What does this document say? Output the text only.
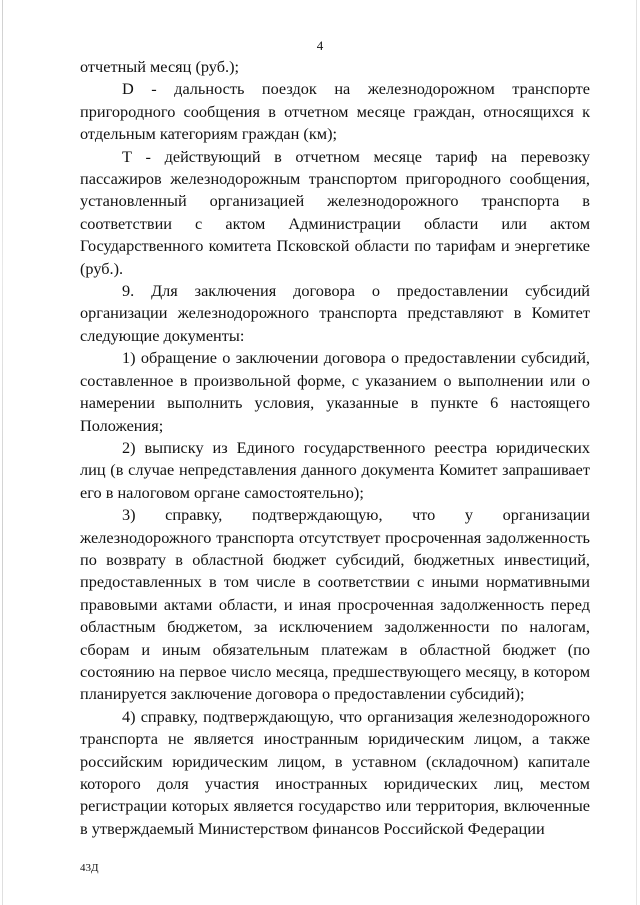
4

отчетный месяц (руб.);

D - дальность поездок на железнодорожном транспорте пригородного сообщения в отчетном месяце граждан, относящихся к отдельным категориям граждан (км);

Т - действующий в отчетном месяце тариф на перевозку пассажиров железнодорожным транспортом пригородного сообщения, установленный организацией железнодорожного транспорта в соответствии с актом Администрации области или актом Государственного комитета Псковской области по тарифам и энергетике (руб.).

9. Для заключения договора о предоставлении субсидий организации железнодорожного транспорта представляют в Комитет следующие документы:

1) обращение о заключении договора о предоставлении субсидий, составленное в произвольной форме, с указанием о выполнении или о намерении выполнить условия, указанные в пункте 6 настоящего Положения;

2) выписку из Единого государственного реестра юридических лиц (в случае непредставления данного документа Комитет запрашивает его в налоговом органе самостоятельно);

3) справку, подтверждающую, что у организации железнодорожного транспорта отсутствует просроченная задолженность по возврату в областной бюджет субсидий, бюджетных инвестиций, предоставленных в том числе в соответствии с иными нормативными правовыми актами области, и иная просроченная задолженность перед областным бюджетом, за исключением задолженности по налогам, сборам и иным обязательным платежам в областной бюджет (по состоянию на первое число месяца, предшествующего месяцу, в котором планируется заключение договора о предоставлении субсидий);

4) справку, подтверждающую, что организация железнодорожного транспорта не является иностранным юридическим лицом, а также российским юридическим лицом, в уставном (складочном) капитале которого доля участия иностранных юридических лиц, местом регистрации которых является государство или территория, включенные в утверждаемый Министерством финансов Российской Федерации

43Д
